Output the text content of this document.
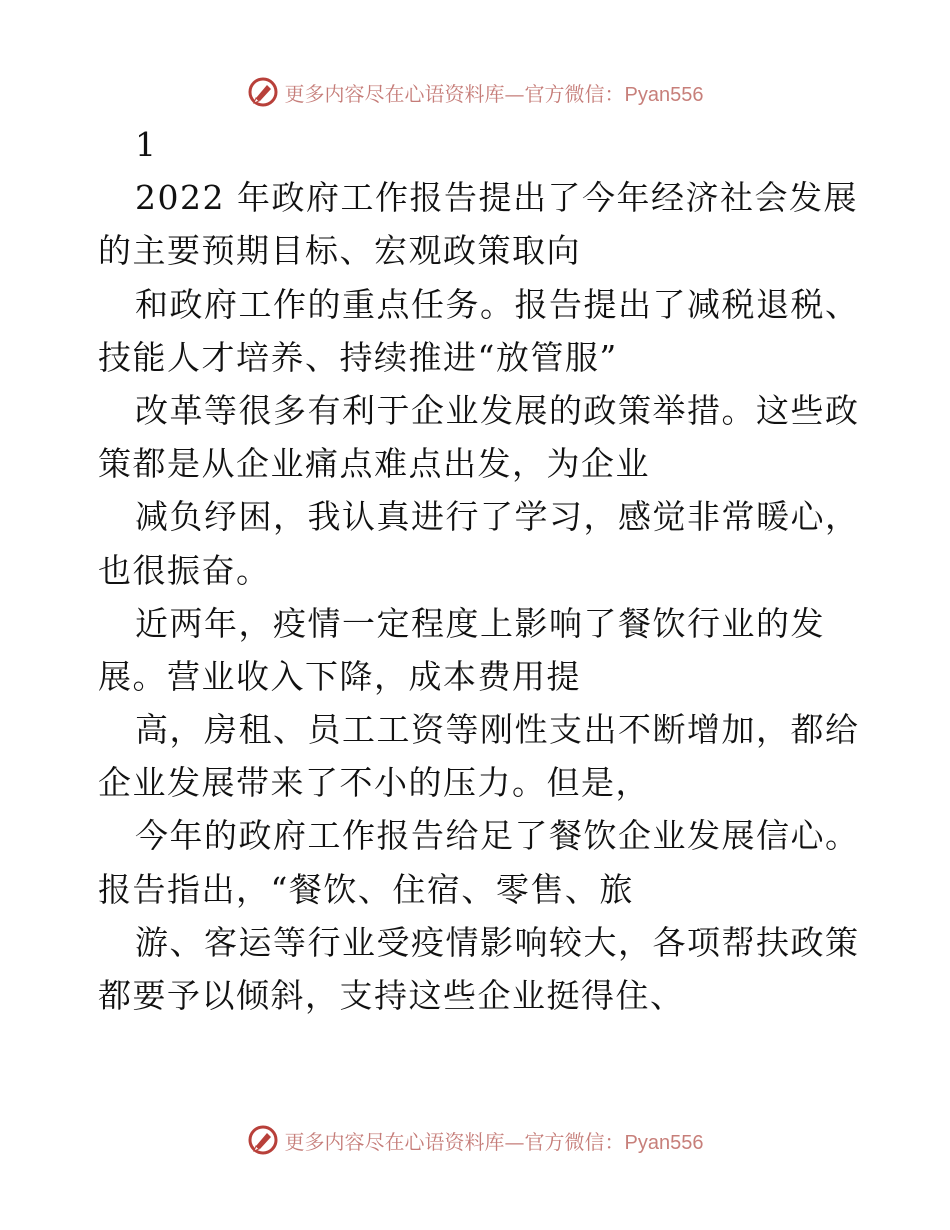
更多内容尽在心语资料库—官方微信：Pyan556
1
2022 年政府工作报告提出了今年经济社会发展
的主要预期目标、宏观政策取向
和政府工作的重点任务。报告提出了减税退税、
技能人才培养、持续推进“放管服”
改革等很多有利于企业发展的政策举措。这些政
策都是从企业痛点难点出发，为企业
减负纾困，我认真进行了学习，感觉非常暖心，
也很振奋。
近两年，疫情一定程度上影响了餐饮行业的发
展。营业收入下降，成本费用提
高，房租、员工工资等刚性支出不断增加，都给
企业发展带来了不小的压力。但是，
今年的政府工作报告给足了餐饮企业发展信心。
报告指出，“餐饮、住宿、零售、旅
游、客运等行业受疫情影响较大，各项帮扶政策
都要予以倾斜，支持这些企业挺得住、
更多内容尽在心语资料库—官方微信：Pyan556
